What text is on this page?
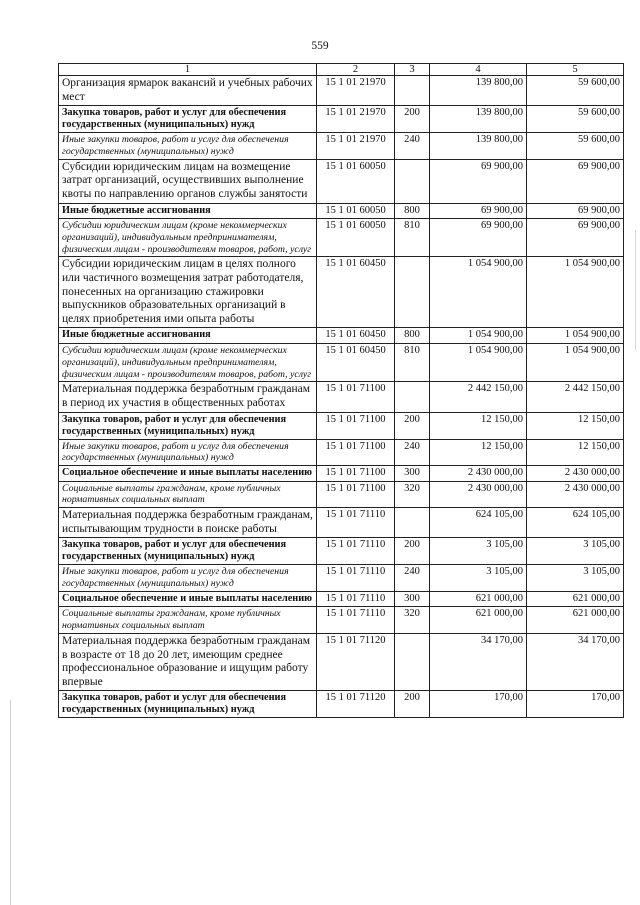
559
1	2	3	4	5
Организация ярмарок вакансий и учебных рабочих мест	15 1 01 21970		139 800,00	59 600,00
Закупка товаров, работ и услуг для обеспечения государственных (муниципальных) нужд	15 1 01 21970	200	139 800,00	59 600,00
Иные закупки товаров, работ и услуг для обеспечения государственных (муниципальных) нужд	15 1 01 21970	240	139 800,00	59 600,00
Субсидии юридическим лицам на возмещение затрат организаций, осуществивших выполнение квоты по направлению органов службы занятости	15 1 01 60050		69 900,00	69 900,00
Иные бюджетные ассигнования	15 1 01 60050	800	69 900,00	69 900,00
Субсидии юридическим лицам (кроме некоммерческих организаций), индивидуальным предпринимателям, физическим лицам - производителям товаров, работ, услуг	15 1 01 60050	810	69 900,00	69 900,00
Субсидии юридическим лицам в целях полного или частичного возмещения затрат работодателя, понесенных на организацию стажировки выпускников образовательных организаций в целях приобретения ими опыта работы	15 1 01 60450		1 054 900,00	1 054 900,00
Иные бюджетные ассигнования	15 1 01 60450	800	1 054 900,00	1 054 900,00
Субсидии юридическим лицам (кроме некоммерческих организаций), индивидуальным предпринимателям, физическим лицам - производителям товаров, работ, услуг	15 1 01 60450	810	1 054 900,00	1 054 900,00
Материальная поддержка безработным гражданам в период их участия в общественных работах	15 1 01 71100		2 442 150,00	2 442 150,00
Закупка товаров, работ и услуг для обеспечения государственных (муниципальных) нужд	15 1 01 71100	200	12 150,00	12 150,00
Иные закупки товаров, работ и услуг для обеспечения государственных (муниципальных) нужд	15 1 01 71100	240	12 150,00	12 150,00
Социальное обеспечение и иные выплаты населению	15 1 01 71100	300	2 430 000,00	2 430 000,00
Социальные выплаты гражданам, кроме публичных нормативных социальных выплат	15 1 01 71100	320	2 430 000,00	2 430 000,00
Материальная поддержка безработным гражданам, испытывающим трудности в поиске работы	15 1 01 71110		624 105,00	624 105,00
Закупка товаров, работ и услуг для обеспечения государственных (муниципальных) нужд	15 1 01 71110	200	3 105,00	3 105,00
Иные закупки товаров, работ и услуг для обеспечения государственных (муниципальных) нужд	15 1 01 71110	240	3 105,00	3 105,00
Социальное обеспечение и иные выплаты населению	15 1 01 71110	300	621 000,00	621 000,00
Социальные выплаты гражданам, кроме публичных нормативных социальных выплат	15 1 01 71110	320	621 000,00	621 000,00
Материальная поддержка безработным гражданам в возрасте от 18 до 20 лет, имеющим среднее профессиональное образование и ищущим работу впервые	15 1 01 71120		34 170,00	34 170,00
Закупка товаров, работ и услуг для обеспечения государственных (муниципальных) нужд	15 1 01 71120	200	170,00	170,00
